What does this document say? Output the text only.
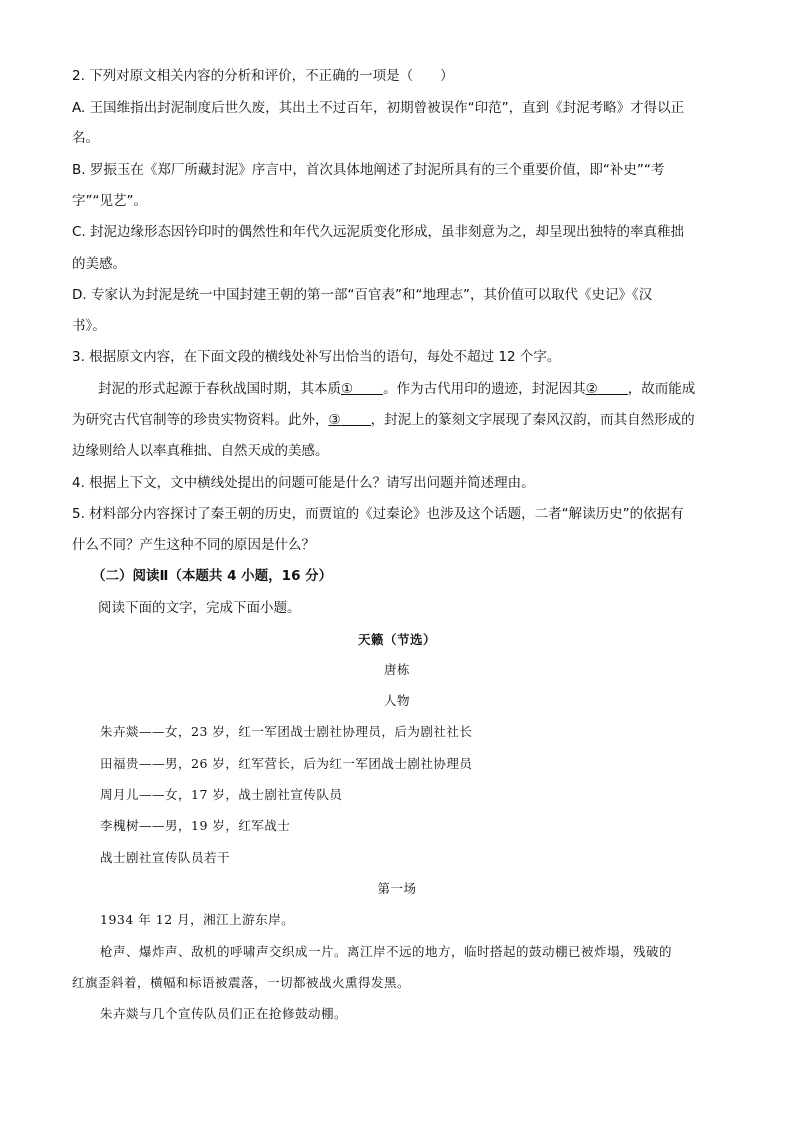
2. 下列对原文相关内容的分析和评价，不正确的一项是（　　）
A. 王国维指出封泥制度后世久废，其出土不过百年，初期曾被误作“印范”，直到《封泥考略》才得以正
名。
B. 罗振玉在《郑厂所藏封泥》序言中，首次具体地阐述了封泥所具有的三个重要价值，即“补史”“考
字”“见艺”。
C. 封泥边缘形态因钤印时的偶然性和年代久远泥质变化形成，虽非刻意为之，却呈现出独特的率真稚拙
的美感。
D. 专家认为封泥是统一中国封建王朝的第一部“百官表”和“地理志”，其价值可以取代《史记》《汉
书》。
3. 根据原文内容，在下面文段的横线处补写出恰当的语句，每处不超过 12 个字。
封泥的形式起源于春秋战国时期，其本质① 。作为古代用印的遗迹，封泥因其② ，故而能成
为研究古代官制等的珍贵实物资料。此外，③ ，封泥上的篆刻文字展现了秦风汉韵，而其自然形成的
边缘则给人以率真稚拙、自然天成的美感。
4. 根据上下文，文中横线处提出的问题可能是什么？请写出问题并简述理由。
5. 材料部分内容探讨了秦王朝的历史，而贾谊的《过秦论》也涉及这个话题，二者“解读历史”的依据有
什么不同？产生这种不同的原因是什么？
（二）阅读Ⅱ（本题共 4 小题，16 分）
阅读下面的文字，完成下面小题。
天籁（节选）
唐栋
人物
朱卉燚——女，23 岁，红一军团战士剧社协理员，后为剧社社长
田福贵——男，26 岁，红军营长，后为红一军团战士剧社协理员
周月儿——女，17 岁，战士剧社宣传队员
李槐树——男，19 岁，红军战士
战士剧社宣传队员若干
第一场
1934 年 12 月，湘江上游东岸。
枪声、爆炸声、敌机的呼啸声交织成一片。离江岸不远的地方，临时搭起的鼓动棚已被炸塌，残破的
红旗歪斜着，横幅和标语被震落，一切都被战火熏得发黑。
朱卉燚与几个宣传队员们正在抢修鼓动棚。
